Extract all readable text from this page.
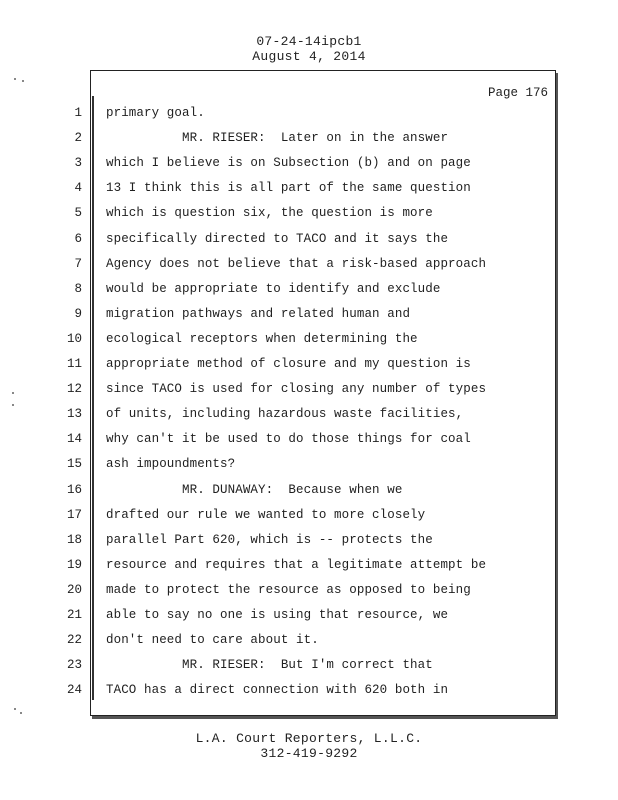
07-24-14ipcb1
August 4, 2014
Page 176
1 primary goal.
2 MR. RIESER:  Later on in the answer
3 which I believe is on Subsection (b) and on page
4 13 I think this is all part of the same question
5 which is question six, the question is more
6 specifically directed to TACO and it says the
7 Agency does not believe that a risk-based approach
8 would be appropriate to identify and exclude
9 migration pathways and related human and
10 ecological receptors when determining the
11 appropriate method of closure and my question is
12 since TACO is used for closing any number of types
13 of units, including hazardous waste facilities,
14 why can't it be used to do those things for coal
15 ash impoundments?
16 MR. DUNAWAY:  Because when we
17 drafted our rule we wanted to more closely
18 parallel Part 620, which is -- protects the
19 resource and requires that a legitimate attempt be
20 made to protect the resource as opposed to being
21 able to say no one is using that resource, we
22 don't need to care about it.
23 MR. RIESER:  But I'm correct that
24 TACO has a direct connection with 620 both in
L.A. Court Reporters, L.L.C.
312-419-9292
